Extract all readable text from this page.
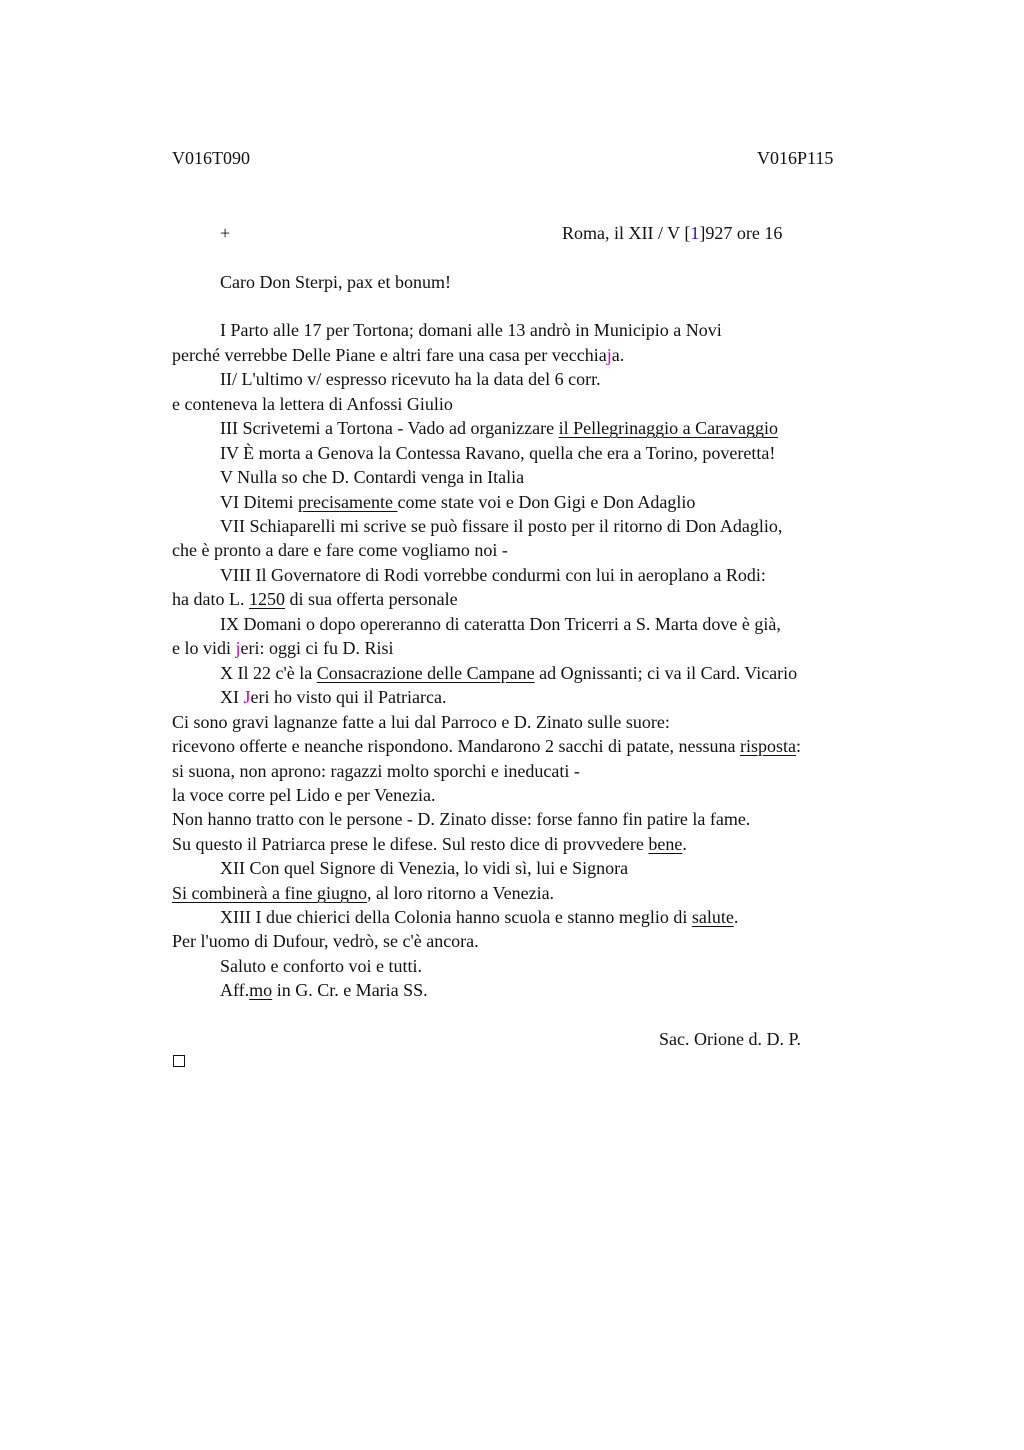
V016T090	V016P115
+	Roma, il XII / V [1]927 ore 16
Caro Don Sterpi, pax et bonum!
I Parto alle 17 per Tortona; domani alle 13 andrò in Municipio a Novi
perché verrebbe Delle Piane e altri fare una casa per vecchiaja.
II/ L'ultimo v/ espresso ricevuto ha la data del 6 corr.
e conteneva la lettera di Anfossi Giulio
III Scrivetemi a Tortona - Vado ad organizzare il Pellegrinaggio a Caravaggio
IV È morta a Genova la Contessa Ravano, quella che era a Torino, poveretta!
V Nulla so che D. Contardi venga in Italia
VI Ditemi precisamente come state voi e Don Gigi e Don Adaglio
VII Schiaparelli mi scrive se può fissare il posto per il ritorno di Don Adaglio,
che è pronto a dare e fare come vogliamo noi -
VIII Il Governatore di Rodi vorrebbe condurmi con lui in aeroplano a Rodi:
ha dato L. 1250 di sua offerta personale
IX Domani o dopo opereranno di cateratta Don Tricerri a S. Marta dove è già,
e lo vidi jeri: oggi ci fu D. Risi
X Il 22 c'è la Consacrazione delle Campane ad Ognissanti; ci va il Card. Vicario
XI Jeri ho visto qui il Patriarca.
Ci sono gravi lagnanze fatte a lui dal Parroco e D. Zinato sulle suore:
ricevono offerte e neanche rispondono. Mandarono 2 sacchi di patate, nessuna risposta:
si suona, non aprono: ragazzi molto sporchi e ineducati -
la voce corre pel Lido e per Venezia.
Non hanno tratto con le persone - D. Zinato disse: forse fanno fin patire la fame.
Su questo il Patriarca prese le difese. Sul resto dice di provvedere bene.
XII Con quel Signore di Venezia, lo vidi sì, lui e Signora
Si combinerà a fine giugno, al loro ritorno a Venezia.
XIII I due chierici della Colonia hanno scuola e stanno meglio di salute.
Per l'uomo di Dufour, vedrò, se c'è ancora.
Saluto e conforto voi e tutti.
Aff.mo in G. Cr. e Maria SS.
Sac. Orione d. D. P.
